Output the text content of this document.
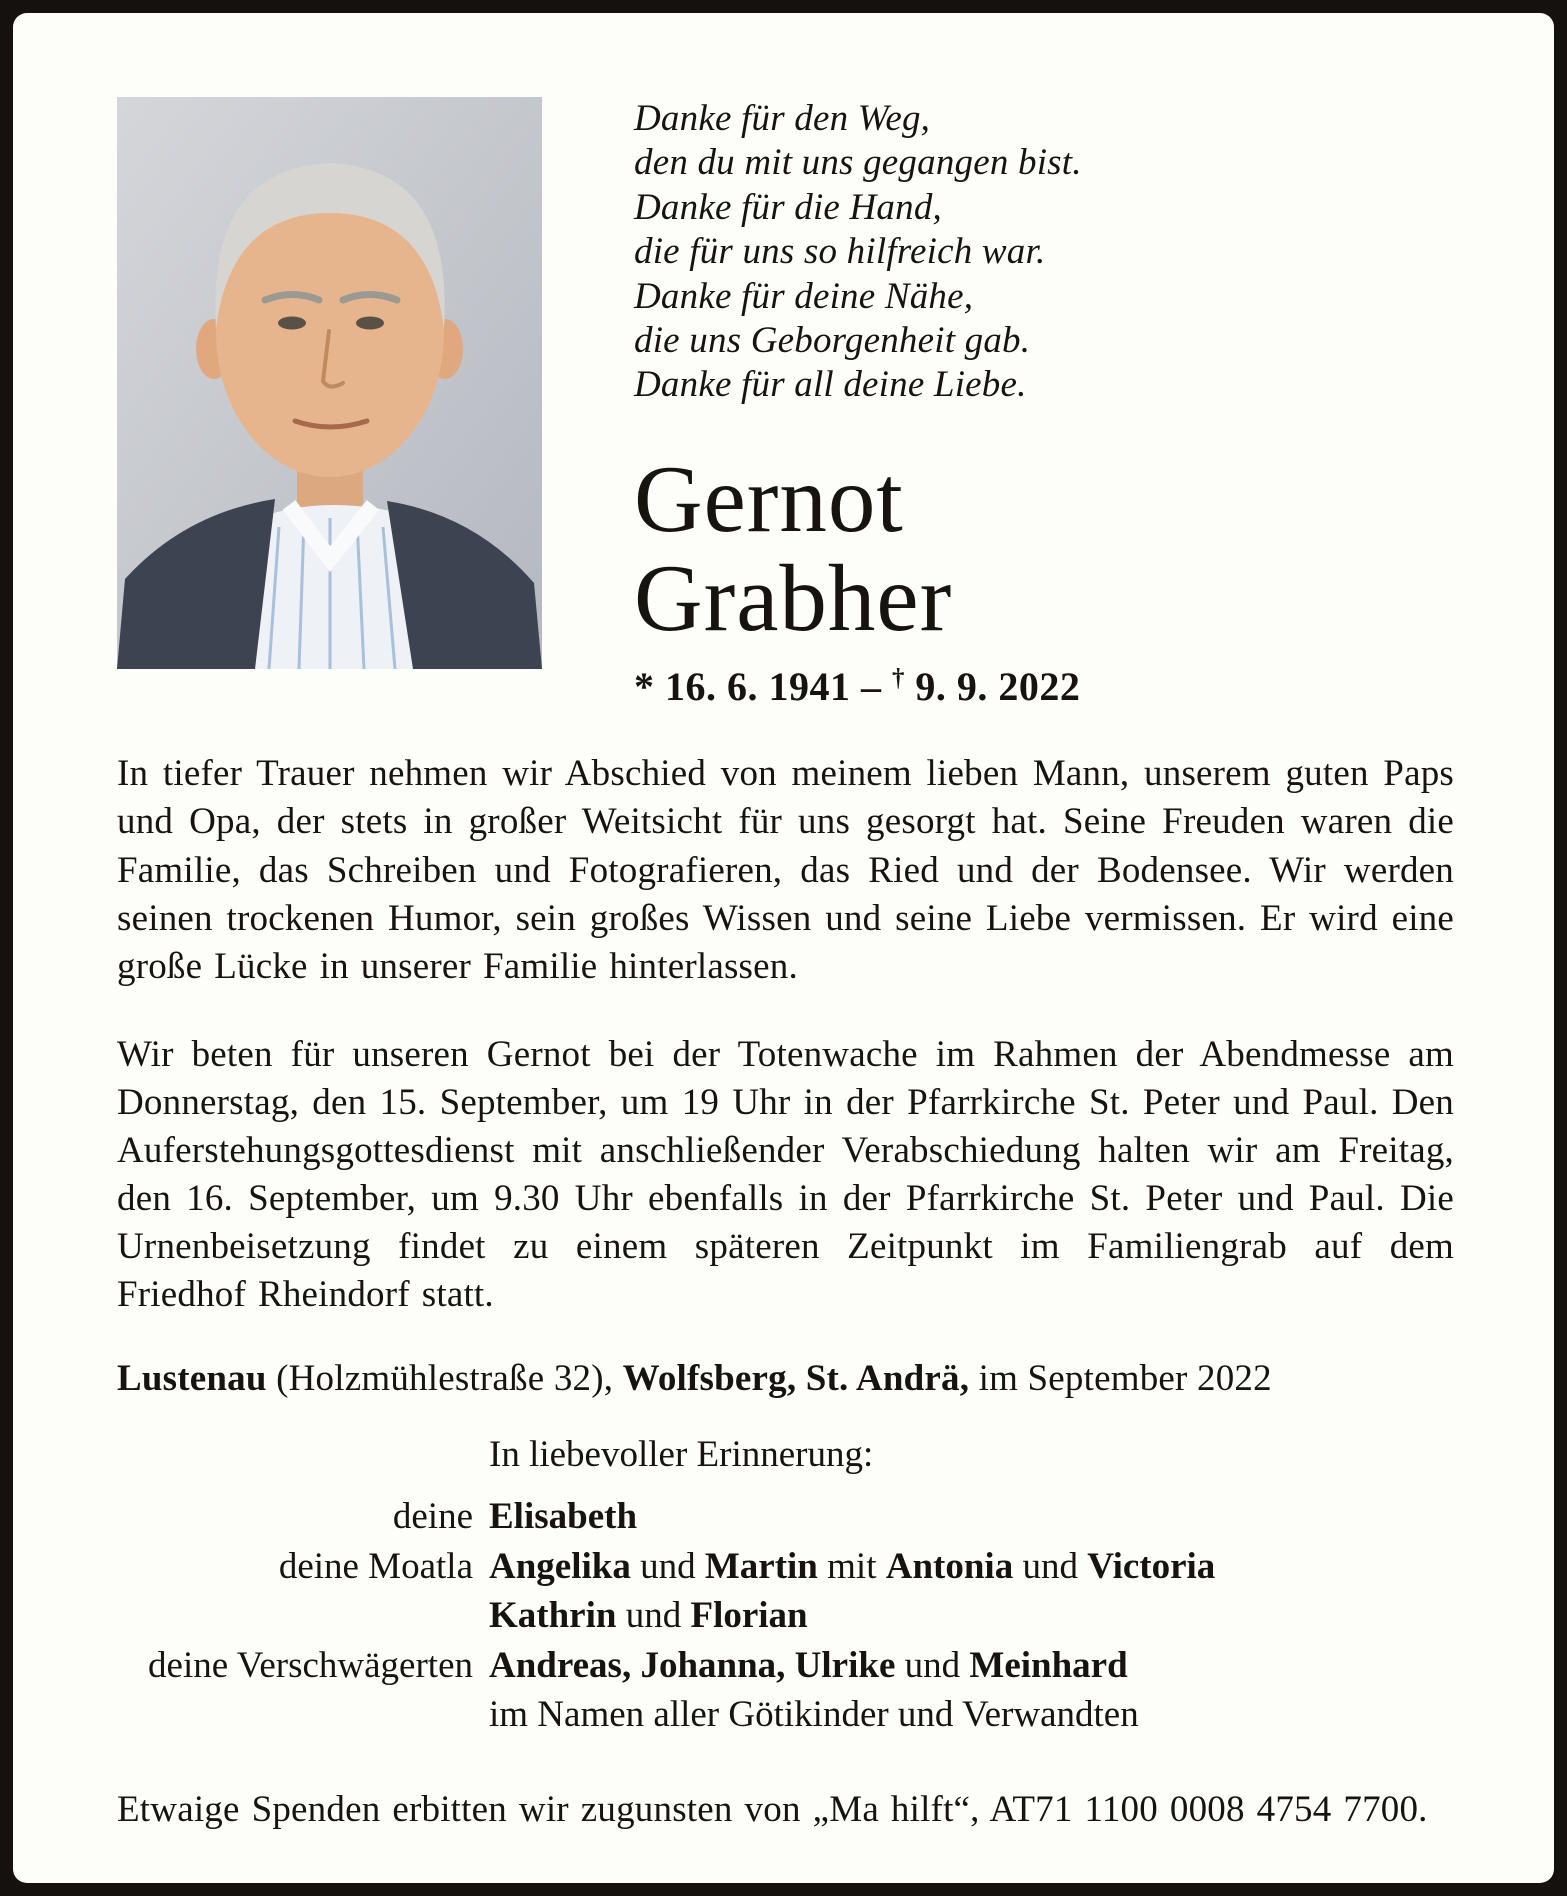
Danke für den Weg,
den du mit uns gegangen bist.
Danke für die Hand,
die für uns so hilfreich war.
Danke für deine Nähe,
die uns Geborgenheit gab.
Danke für all deine Liebe.
Gernot
Grabher
* 16. 6. 1941 – † 9. 9. 2022

In tiefer Trauer nehmen wir Abschied von meinem lieben Mann, unserem guten Paps und Opa, der stets in großer Weitsicht für uns gesorgt hat. Seine Freuden waren die Familie, das Schreiben und Fotografieren, das Ried und der Bodensee. Wir werden seinen trockenen Humor, sein großes Wissen und seine Liebe vermissen. Er wird eine große Lücke in unserer Familie hinterlassen.

Wir beten für unseren Gernot bei der Totenwache im Rahmen der Abendmesse am Donnerstag, den 15. September, um 19 Uhr in der Pfarrkirche St. Peter und Paul. Den Auferstehungsgottesdienst mit anschließender Verabschiedung halten wir am Freitag, den 16. September, um 9.30 Uhr ebenfalls in der Pfarrkirche St. Peter und Paul. Die Urnenbeisetzung findet zu einem späteren Zeitpunkt im Familiengrab auf dem Friedhof Rheindorf statt.

Lustenau (Holzmühlestraße 32), Wolfsberg, St. Andrä, im September 2022

In liebevoller Erinnerung:
deine Elisabeth
deine Moatla Angelika und Martin mit Antonia und Victoria
Kathrin und Florian
deine Verschwägerten Andreas, Johanna, Ulrike und Meinhard
im Namen aller Götikinder und Verwandten

Etwaige Spenden erbitten wir zugunsten von „Ma hilft“, AT71 1100 0008 4754 7700.
